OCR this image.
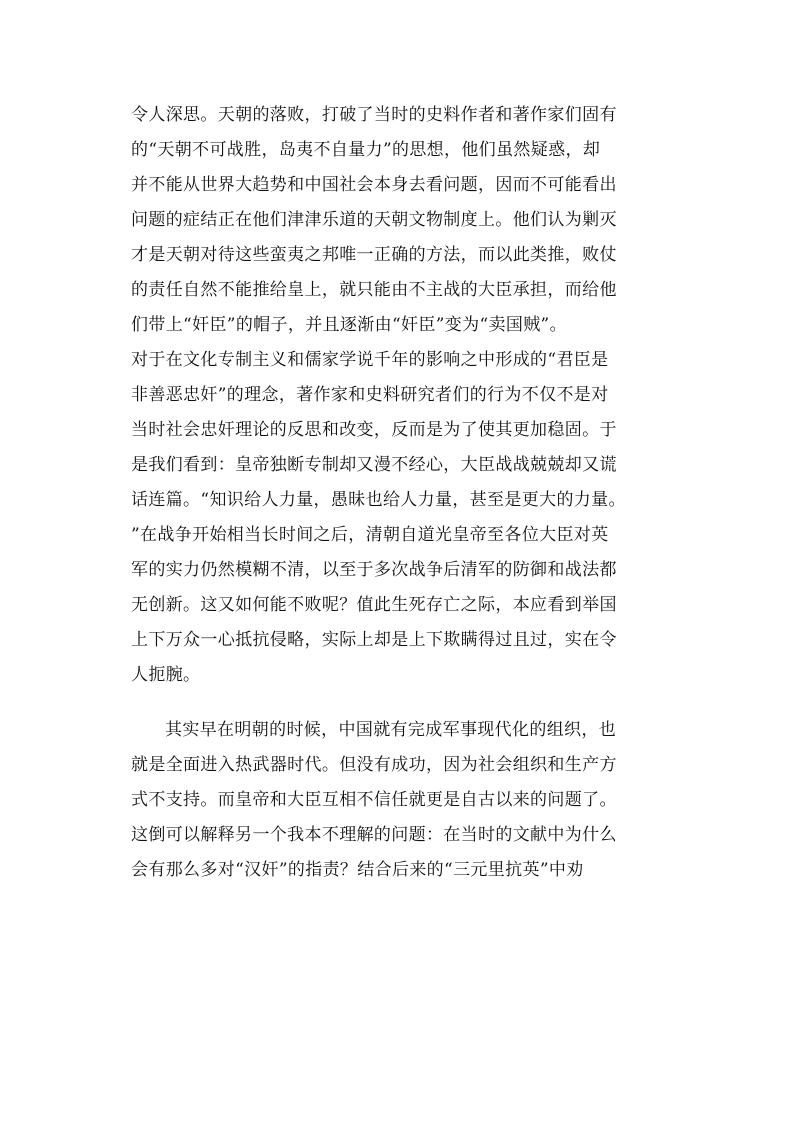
令人深思。天朝的落败，打破了当时的史料作者和著作家们固有
的“天朝不可战胜，岛夷不自量力”的思想，他们虽然疑惑，却
并不能从世界大趋势和中国社会本身去看问题，因而不可能看出
问题的症结正在他们津津乐道的天朝文物制度上。他们认为剿灭
才是天朝对待这些蛮夷之邦唯一正确的方法，而以此类推，败仗
的责任自然不能推给皇上，就只能由不主战的大臣承担，而给他
们带上“奸臣”的帽子，并且逐渐由“奸臣”变为“卖国贼”。
对于在文化专制主义和儒家学说千年的影响之中形成的“君臣是
非善恶忠奸”的理念，著作家和史料研究者们的行为不仅不是对
当时社会忠奸理论的反思和改变，反而是为了使其更加稳固。于
是我们看到：皇帝独断专制却又漫不经心，大臣战战兢兢却又谎
话连篇。“知识给人力量，愚昧也给人力量，甚至是更大的力量。
”在战争开始相当长时间之后，清朝自道光皇帝至各位大臣对英
军的实力仍然模糊不清，以至于多次战争后清军的防御和战法都
无创新。这又如何能不败呢？值此生死存亡之际，本应看到举国
上下万众一心抵抗侵略，实际上却是上下欺瞒得过且过，实在令
人扼腕。
其实早在明朝的时候，中国就有完成军事现代化的组织，也
就是全面进入热武器时代。但没有成功，因为社会组织和生产方
式不支持。而皇帝和大臣互相不信任就更是自古以来的问题了。
这倒可以解释另一个我本不理解的问题：在当时的文献中为什么
会有那么多对“汉奸”的指责？结合后来的“三元里抗英”中劝
